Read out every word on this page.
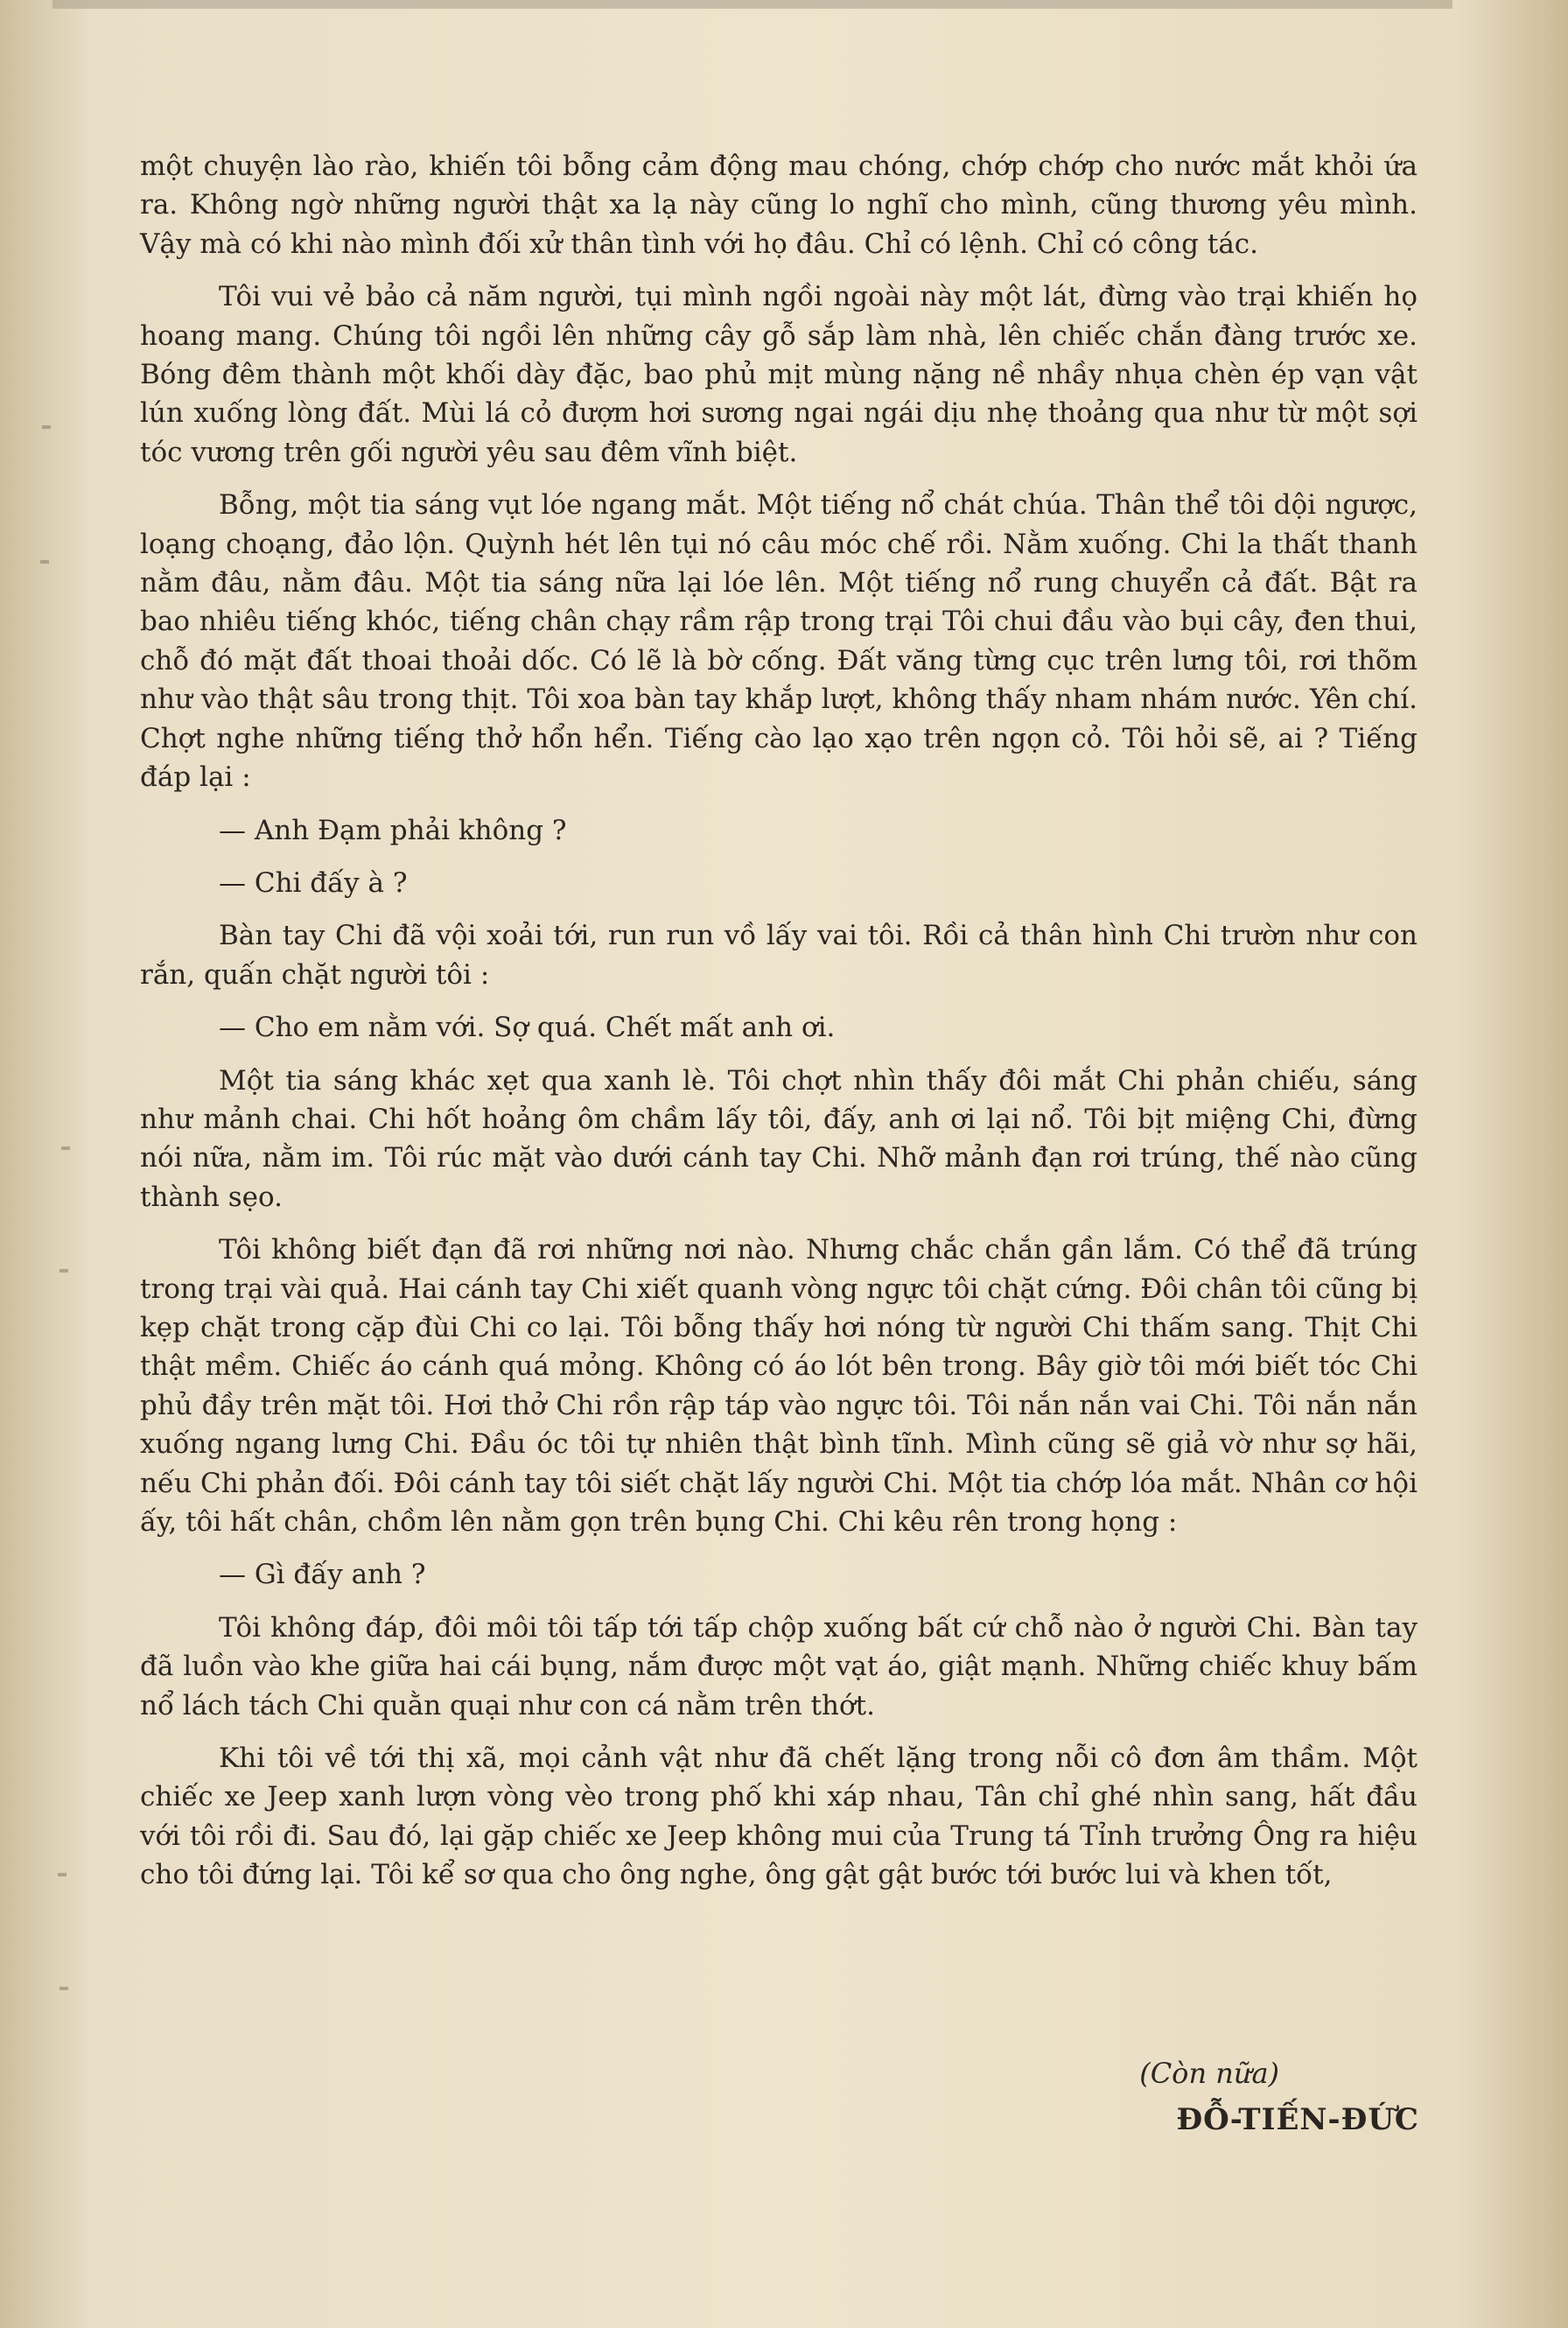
một chuyện lào rào, khiến tôi bỗng cảm động mau chóng, chớp chớp cho nước mắt khỏi ứa ra. Không ngờ những người thật xa lạ này cũng lo nghĩ cho mình, cũng thương yêu mình. Vậy mà có khi nào mình đối xử thân tình với họ đâu. Chỉ có lệnh. Chỉ có công tác.

Tôi vui vẻ bảo cả năm người, tụi mình ngồi ngoài này một lát, đừng vào trại khiến họ hoang mang. Chúng tôi ngồi lên những cây gỗ sắp làm nhà, lên chiếc chắn đàng trước xe. Bóng đêm thành một khối dày đặc, bao phủ mịt mùng nặng nề nhầy nhụa chèn ép vạn vật lún xuống lòng đất. Mùi lá cỏ đượm hơi sương ngai ngái dịu nhẹ thoảng qua như từ một sợi tóc vương trên gối người yêu sau đêm vĩnh biệt.

Bỗng, một tia sáng vụt lóe ngang mắt. Một tiếng nổ chát chúa. Thân thể tôi dội ngược, loạng choạng, đảo lộn. Quỳnh hét lên tụi nó câu móc chế rồi. Nằm xuống. Chi la thất thanh nằm đâu, nằm đâu. Một tia sáng nữa lại lóe lên. Một tiếng nổ rung chuyển cả đất. Bật ra bao nhiêu tiếng khóc, tiếng chân chạy rầm rập trong trại Tôi chui đầu vào bụi cây, đen thui, chỗ đó mặt đất thoai thoải dốc. Có lẽ là bờ cống. Đất văng từng cục trên lưng tôi, rơi thõm như vào thật sâu trong thịt. Tôi xoa bàn tay khắp lượt, không thấy nham nhám nước. Yên chí. Chợt nghe những tiếng thở hổn hển. Tiếng cào lạo xạo trên ngọn cỏ. Tôi hỏi sẽ, ai ? Tiếng đáp lại :

— Anh Đạm phải không ?

— Chi đấy à ?

Bàn tay Chi đã vội xoải tới, run run vồ lấy vai tôi. Rồi cả thân hình Chi trườn như con rắn, quấn chặt người tôi :

— Cho em nằm với. Sợ quá. Chết mất anh ơi.

Một tia sáng khác xẹt qua xanh lè. Tôi chợt nhìn thấy đôi mắt Chi phản chiếu, sáng như mảnh chai. Chi hốt hoảng ôm chầm lấy tôi, đấy, anh ơi lại nổ. Tôi bịt miệng Chi, đừng nói nữa, nằm im. Tôi rúc mặt vào dưới cánh tay Chi. Nhỡ mảnh đạn rơi trúng, thế nào cũng thành sẹo.

Tôi không biết đạn đã rơi những nơi nào. Nhưng chắc chắn gần lắm. Có thể đã trúng trong trại vài quả. Hai cánh tay Chi xiết quanh vòng ngực tôi chặt cứng. Đôi chân tôi cũng bị kẹp chặt trong cặp đùi Chi co lại. Tôi bỗng thấy hơi nóng từ người Chi thấm sang. Thịt Chi thật mềm. Chiếc áo cánh quá mỏng. Không có áo lót bên trong. Bây giờ tôi mới biết tóc Chi phủ đầy trên mặt tôi. Hơi thở Chi rồn rập táp vào ngực tôi. Tôi nắn nắn vai Chi. Tôi nắn nắn xuống ngang lưng Chi. Đầu óc tôi tự nhiên thật bình tĩnh. Mình cũng sẽ giả vờ như sợ hãi, nếu Chi phản đối. Đôi cánh tay tôi siết chặt lấy người Chi. Một tia chớp lóa mắt. Nhân cơ hội ấy, tôi hất chân, chồm lên nằm gọn trên bụng Chi. Chi kêu rên trong họng :

— Gì đấy anh ?

Tôi không đáp, đôi môi tôi tấp tới tấp chộp xuống bất cứ chỗ nào ở người Chi. Bàn tay đã luồn vào khe giữa hai cái bụng, nắm được một vạt áo, giật mạnh. Những chiếc khuy bấm nổ lách tách Chi quằn quại như con cá nằm trên thớt.

Khi tôi về tới thị xã, mọi cảnh vật như đã chết lặng trong nỗi cô đơn âm thầm. Một chiếc xe Jeep xanh lượn vòng vèo trong phố khi xáp nhau, Tân chỉ ghé nhìn sang, hất đầu với tôi rồi đi. Sau đó, lại gặp chiếc xe Jeep không mui của Trung tá Tỉnh trưởng Ông ra hiệu cho tôi đứng lại. Tôi kể sơ qua cho ông nghe, ông gật gật bước tới bước lui và khen tốt,

(Còn nữa)
ĐỖ-TIẾN-ĐỨC
